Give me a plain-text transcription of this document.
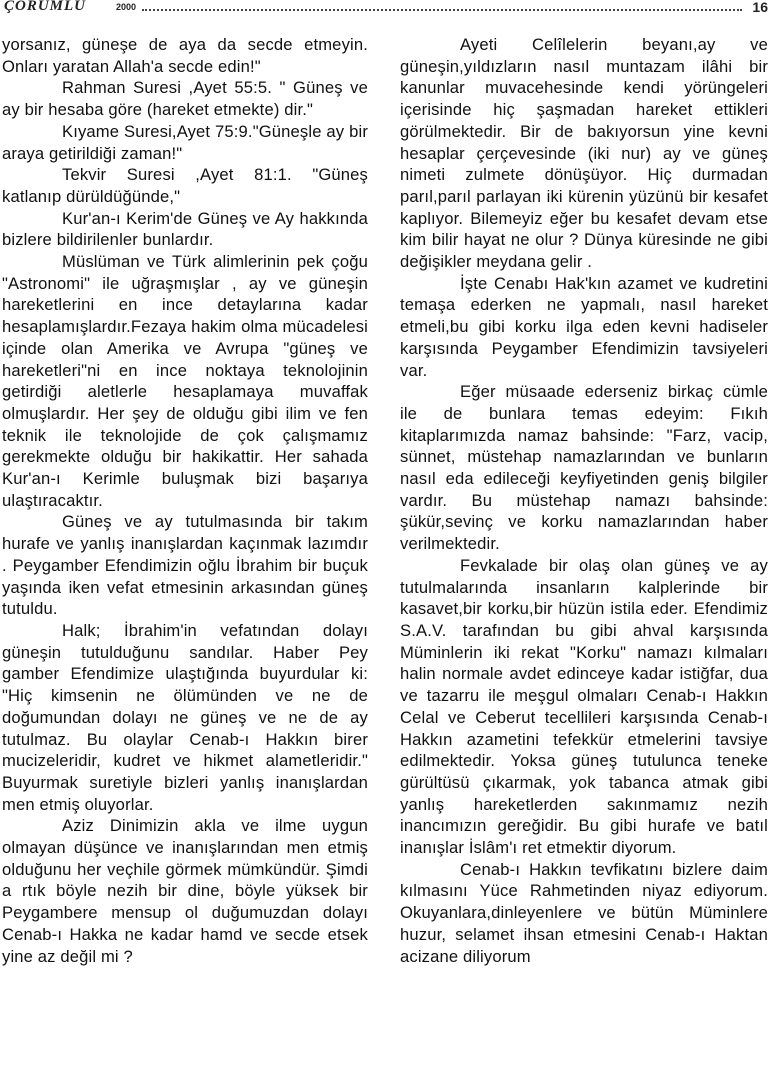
ÇORUMLU	2000	16

yorsanız, güneşe de aya da secde etmeyin. Onları yaratan Allah'a secde edin!"

Rahman Suresi ,Ayet 55:5. " Güneş ve ay bir hesaba göre (hareket etmekte) dir."

Kıyame Suresi,Ayet 75:9."Güneşle ay bir araya getirildiği zaman!"

Tekvir Suresi ,Ayet 81:1. "Güneş katlanıp dürüldüğünde,"

Kur'an-ı Kerim'de Güneş ve Ay hakkında bizlere bildirilenler bunlardır.

Müslüman ve Türk alimlerinin pek çoğu "Astronomi" ile uğraşmışlar , ay ve güneşin hareketlerini en ince detaylarına kadar hesaplamışlardır.Fezaya hakim olma mücadelesi içinde olan Amerika ve Avrupa "güneş ve hareketleri"ni en ince noktaya teknolojinin getirdiği aletlerle hesaplamaya muvaffak olmuşlardır. Her şey de olduğu gibi ilim ve fen teknik ile teknolojide de çok çalışmamız gerekmekte olduğu bir hakikattir. Her sahada Kur'an-ı Kerimle buluşmak bizi başarıya ulaştıracaktır.

Güneş ve ay tutulmasında bir takım hurafe ve yanlış inanışlardan kaçınmak lazımdır . Peygamber Efendimizin oğlu İbrahim bir buçuk yaşında iken vefat etmesinin arkasından güneş tutuldu.

Halk; İbrahim'in vefatından dolayı güneşin tutulduğunu sandılar. Haber Pey gamber Efendimize ulaştığında buyurdular ki: "Hiç kimsenin ne ölümünden ve ne de doğumundan dolayı ne güneş ve ne de ay tutulmaz. Bu olaylar Cenab-ı Hakkın birer mucizeleridir, kudret ve hikmet alametleridir." Buyurmak suretiyle bizleri yanlış inanışlardan men etmiş oluyorlar.

Aziz Dinimizin akla ve ilme uygun olmayan düşünce ve inanışlarından men etmiş olduğunu her veçhile görmek mümkündür. Şimdi a rtık böyle nezih bir dine, böyle yüksek bir Peygambere mensup ol duğumuzdan dolayı Cenab-ı Hakka ne kadar hamd ve secde etsek yine az değil mi ?

Ayeti Celîlelerin beyanı,ay ve güneşin,yıldızların nasıl muntazam ilâhi bir kanunlar muvacehesinde kendi yörüngeleri içerisinde hiç şaşmadan hareket ettikleri görülmektedir. Bir de bakıyorsun yine kevni hesaplar çerçevesinde (iki nur) ay ve güneş nimeti zulmete dönüşüyor. Hiç durmadan parıl,parıl parlayan iki kürenin yüzünü bir kesafet kaplıyor. Bilemeyiz eğer bu kesafet devam etse kim bilir hayat ne olur ? Dünya küresinde ne gibi değişikler meydana gelir .

İşte Cenabı Hak'kın azamet ve kudretini temaşa ederken ne yapmalı, nasıl hareket etmeli,bu gibi korku ilga eden kevni hadiseler karşısında Peygamber Efendimizin tavsiyeleri var.

Eğer müsaade ederseniz birkaç cümle ile de bunlara temas edeyim: Fıkıh kitaplarımızda namaz bahsinde: "Farz, vacip, sünnet, müstehap namazlarından ve bunların nasıl eda edileceği keyfiyetinden geniş bilgiler vardır. Bu müstehap namazı bahsinde: şükür,sevinç ve korku namazlarından haber verilmektedir.

Fevkalade bir olaş olan güneş ve ay tutulmalarında insanların kalplerinde bir kasavet,bir korku,bir hüzün istila eder. Efendimiz S.A.V. tarafından bu gibi ahval karşısında Müminlerin iki rekat "Korku" namazı kılmaları halin normale avdet edinceye kadar istiğfar, dua ve tazarru ile meşgul olmaları Cenab-ı Hakkın Celal ve Ceberut tecellileri karşısında Cenab-ı Hakkın azametini tefekkür etmelerini tavsiye edilmektedir. Yoksa güneş tutulunca teneke gürültüsü çıkarmak, yok tabanca atmak gibi yanlış hareketlerden sakınmamız nezih inancımızın gereğidir. Bu gibi hurafe ve batıl inanışlar İslâm'ı ret etmektir diyorum.

Cenab-ı Hakkın tevfikatını bizlere daim kılmasını Yüce Rahmetinden niyaz ediyorum. Okuyanlara,dinleyenlere ve bütün Müminlere huzur, selamet ihsan etmesini Cenab-ı Haktan acizane diliyorum
